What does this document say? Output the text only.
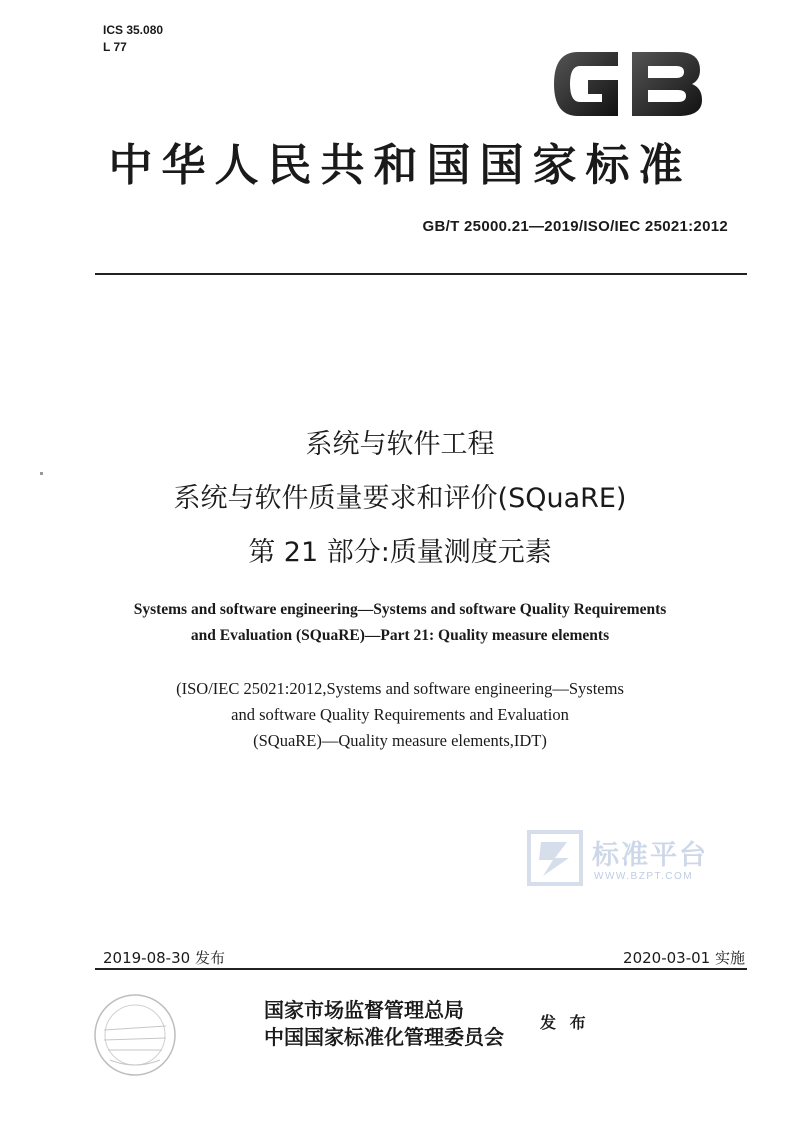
ICS 35.080
L 77
中华人民共和国国家标准
GB/T 25000.21—2019/ISO/IEC 25021:2012
系统与软件工程
系统与软件质量要求和评价(SQuaRE)
第 21 部分:质量测度元素
Systems and software engineering—Systems and software Quality Requirements
and Evaluation (SQuaRE)—Part 21: Quality measure elements
(ISO/IEC 25021:2012,Systems and software engineering—Systems
and software Quality Requirements and Evaluation
(SQuaRE)—Quality measure elements,IDT)
标准平台
WWW.BZPT.COM
2019-08-30 发布	2020-03-01 实施
国家市场监督管理总局
中国国家标准化管理委员会
发 布
